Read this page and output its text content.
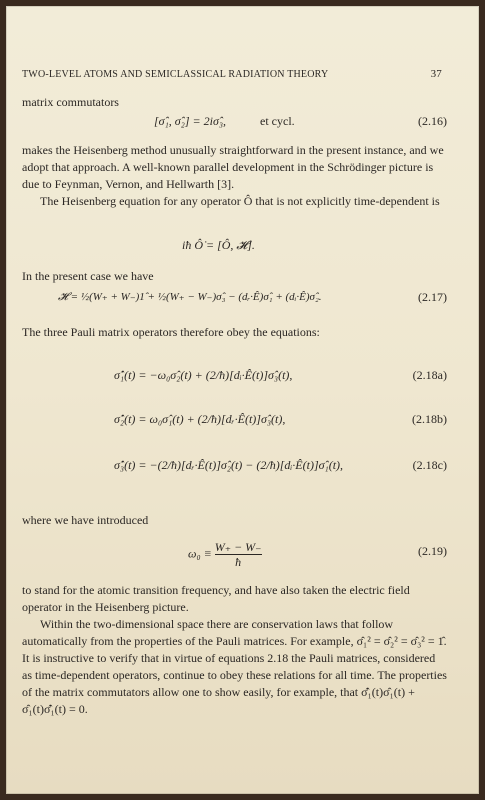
TWO-LEVEL ATOMS AND SEMICLASSICAL RADIATION THEORY	37

matrix commutators

[σ̂₁, σ̂₂] = 2iσ̂₃,	et cycl.	(2.16)

makes the Heisenberg method unusually straightforward in the present instance, and we adopt that approach. A well-known parallel development in the Schrödinger picture is due to Feynman, Vernon, and Hellwarth [3].

The Heisenberg equation for any operator Ô that is not explicitly time-dependent is

iħ Ô̇ = [Ô, 𝓗].

In the present case we have

𝓗 = ½(W₊ + W₋)1̂ + ½(W₊ − W₋)σ̂₃ − (dᵣ·Ê)σ̂₁ + (dᵢ·Ê)σ̂₂.	(2.17)

The three Pauli matrix operators therefore obey the equations:

σ̂̇₁(t) = −ω₀σ̂₂(t) + (2/ħ)[dᵢ·Ê(t)]σ̂₃(t),	(2.18a)
σ̂̇₂(t) = ω₀σ̂₁(t) + (2/ħ)[dᵣ·Ê(t)]σ̂₃(t),	(2.18b)
σ̂̇₃(t) = −(2/ħ)[dᵣ·Ê(t)]σ̂₂(t) − (2/ħ)[dᵢ·Ê(t)]σ̂₁(t),	(2.18c)

where we have introduced

$\omega_0 \equiv \frac{W_+ - W_-}{ħ}$	(2.19)

to stand for the atomic transition frequency, and have also taken the electric field operator in the Heisenberg picture.

Within the two-dimensional space there are conservation laws that follow automatically from the properties of the Pauli matrices. For example, σ̂₁² = σ̂₂² = σ̂₃² = 1̂. It is instructive to verify that in virtue of equations 2.18 the Pauli matrices, considered as time-dependent operators, continue to obey these relations for all time. The properties of the matrix commutators allow one to show easily, for example, that σ̂̇₁(t)σ̂₁(t) + σ̂₁(t)σ̂̇₁(t) = 0.
